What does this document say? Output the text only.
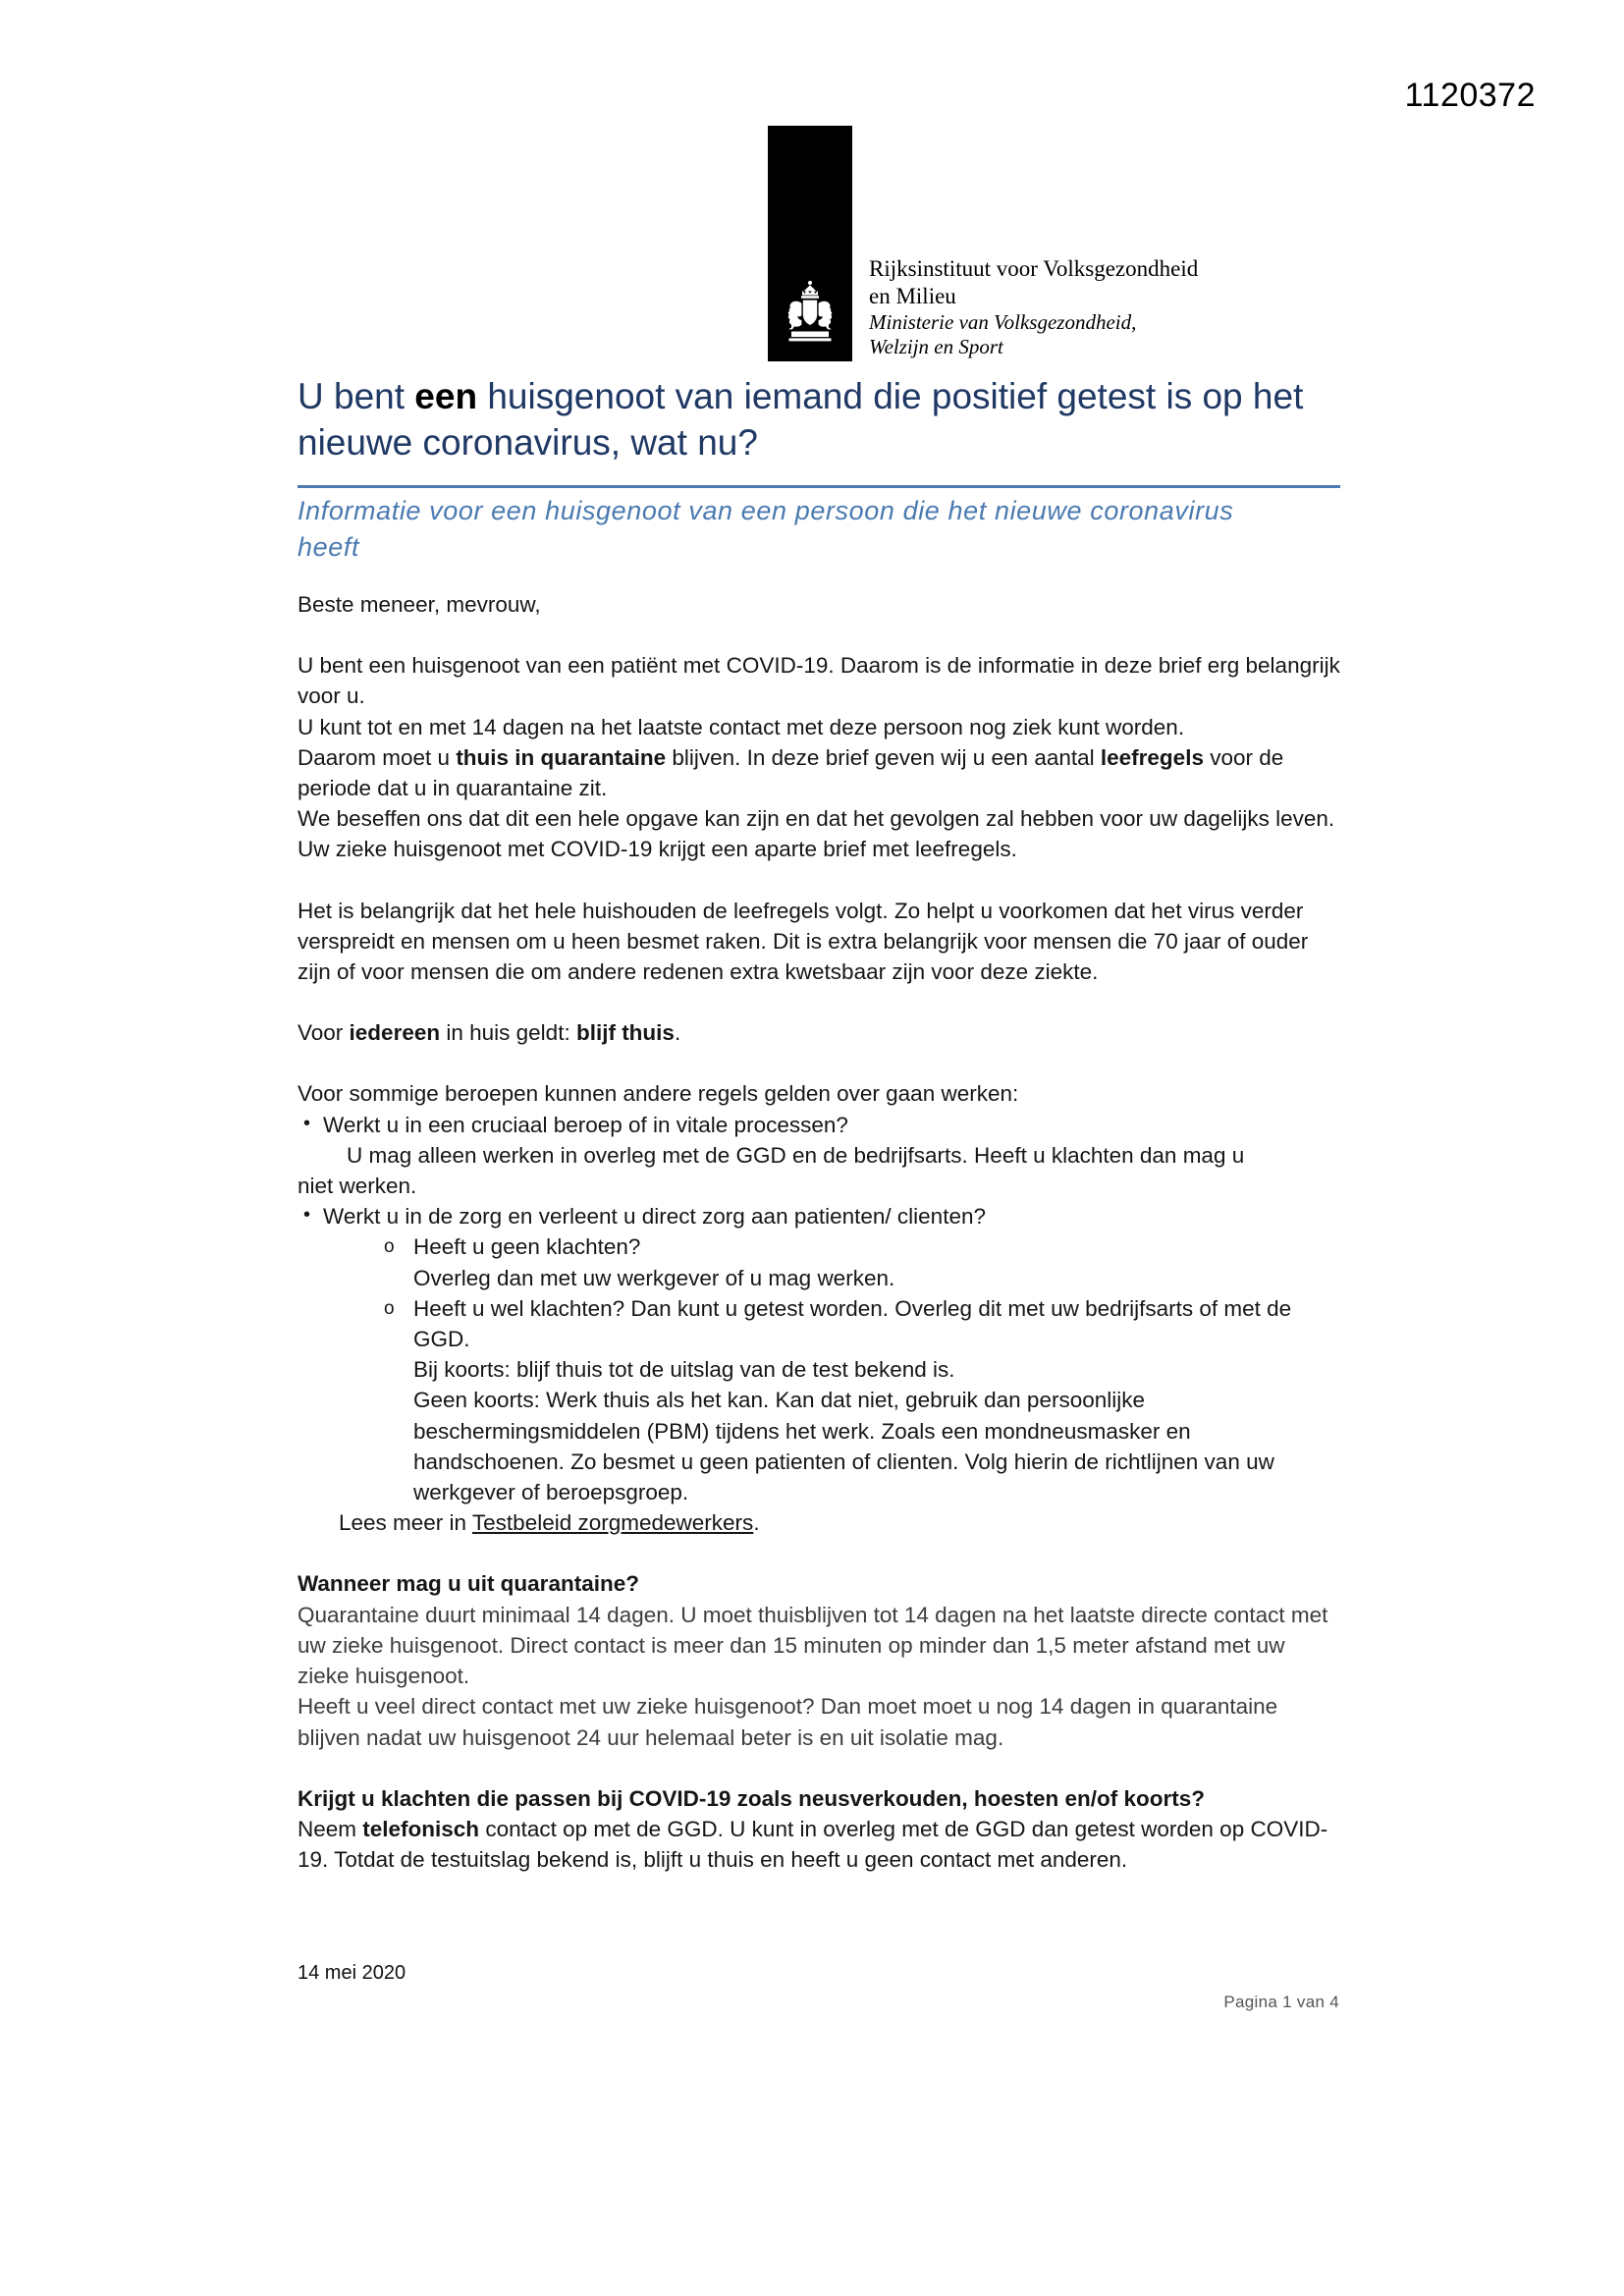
1120372
Rijksinstituut voor Volksgezondheid
en Milieu
Ministerie van Volksgezondheid,
Welzijn en Sport
U bent een huisgenoot van iemand die positief getest is op het nieuwe coronavirus, wat nu?
Informatie voor een huisgenoot van een persoon die het nieuwe coronavirus heeft

Beste meneer, mevrouw,

U bent een huisgenoot van een patiënt met COVID-19. Daarom is de informatie in deze brief erg belangrijk voor u.

U kunt tot en met 14 dagen na het laatste contact met deze persoon nog ziek kunt worden.

Daarom moet u thuis in quarantaine blijven. In deze brief geven wij u een aantal leefregels voor de periode dat u in quarantaine zit.

We beseffen ons dat dit een hele opgave kan zijn en dat het gevolgen zal hebben voor uw dagelijks leven. Uw zieke huisgenoot met COVID-19 krijgt een aparte brief met leefregels.

Het is belangrijk dat het hele huishouden de leefregels volgt. Zo helpt u voorkomen dat het virus verder verspreidt en mensen om u heen besmet raken. Dit is extra belangrijk voor mensen die 70 jaar of ouder zijn of voor mensen die om andere redenen extra kwetsbaar zijn voor deze ziekte.

Voor iedereen in huis geldt: blijf thuis.

Voor sommige beroepen kunnen andere regels gelden over gaan werken:

• Werkt u in een cruciaal beroep of in vitale processen?
U mag alleen werken in overleg met de GGD en de bedrijfsarts. Heeft u klachten dan mag u
niet werken.
• Werkt u in de zorg en verleent u direct zorg aan patienten/ clienten?
o Heeft u geen klachten?
Overleg dan met uw werkgever of u mag werken.
o Heeft u wel klachten? Dan kunt u getest worden. Overleg dit met uw bedrijfsarts of met de GGD.
Bij koorts: blijf thuis tot de uitslag van de test bekend is.
Geen koorts: Werk thuis als het kan. Kan dat niet, gebruik dan persoonlijke beschermingsmiddelen (PBM) tijdens het werk. Zoals een mondneusmasker en handschoenen. Zo besmet u geen patienten of clienten. Volg hierin de richtlijnen van uw werkgever of beroepsgroep.
Lees meer in Testbeleid zorgmedewerkers.

Wanneer mag u uit quarantaine?

Quarantaine duurt minimaal 14 dagen. U moet thuisblijven tot 14 dagen na het laatste directe contact met uw zieke huisgenoot. Direct contact is meer dan 15 minuten op minder dan 1,5 meter afstand met uw zieke huisgenoot.

Heeft u veel direct contact met uw zieke huisgenoot? Dan moet moet u nog 14 dagen in quarantaine blijven nadat uw huisgenoot 24 uur helemaal beter is en uit isolatie mag.

Krijgt u klachten die passen bij COVID-19 zoals neusverkouden, hoesten en/of koorts?

Neem telefonisch contact op met de GGD. U kunt in overleg met de GGD dan getest worden op COVID-19. Totdat de testuitslag bekend is, blijft u thuis en heeft u geen contact met anderen.

14 mei 2020
Pagina 1 van 4
